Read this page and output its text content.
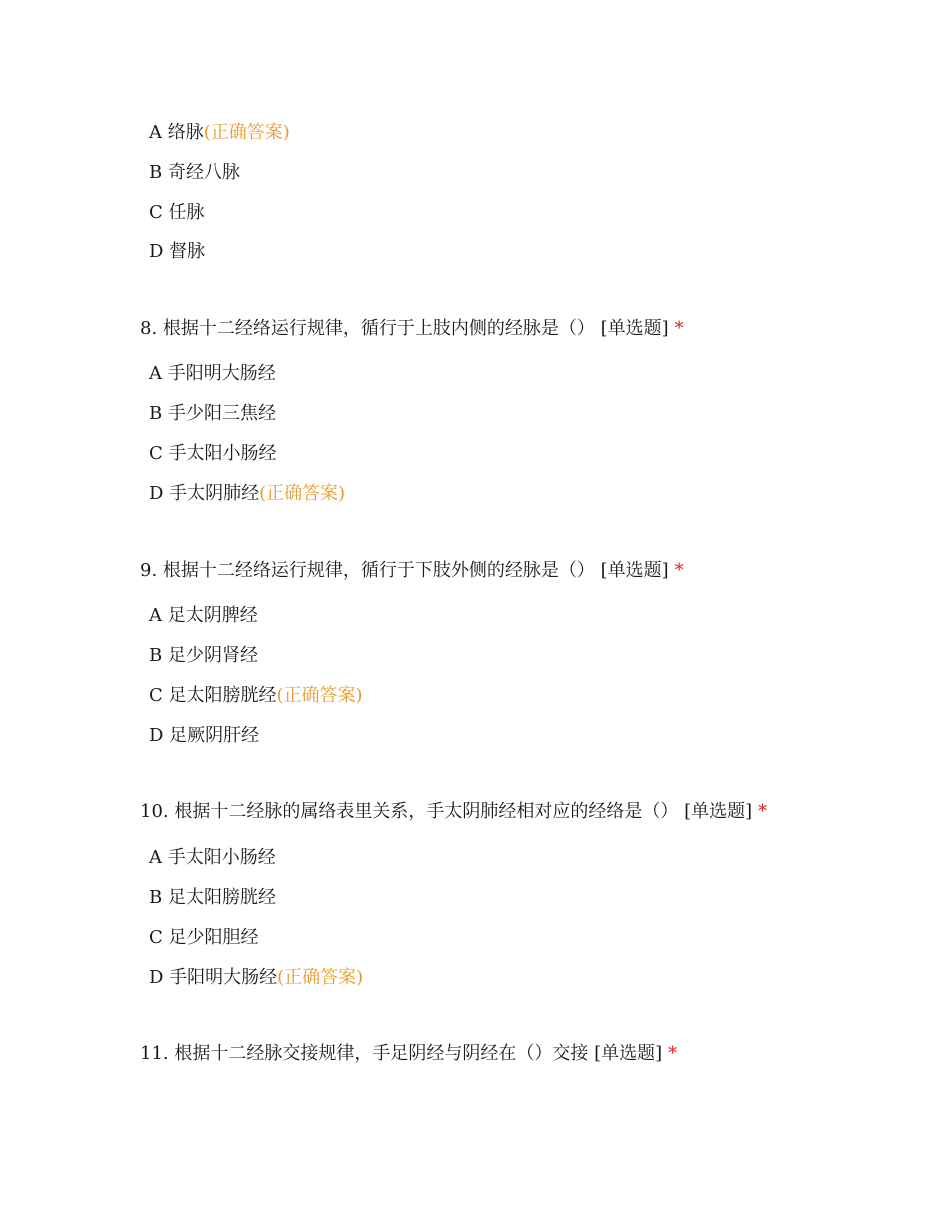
A 络脉(正确答案)
B 奇经八脉
C 任脉
D 督脉
8. 根据十二经络运行规律，循行于上肢内侧的经脉是（） [单选题] *
A 手阳明大肠经
B 手少阳三焦经
C 手太阳小肠经
D 手太阴肺经(正确答案)
9. 根据十二经络运行规律，循行于下肢外侧的经脉是（） [单选题] *
A 足太阴脾经
B 足少阴肾经
C 足太阳膀胱经(正确答案)
D 足厥阴肝经
10. 根据十二经脉的属络表里关系，手太阴肺经相对应的经络是（） [单选题] *
A 手太阳小肠经
B 足太阳膀胱经
C 足少阳胆经
D 手阳明大肠经(正确答案)
11. 根据十二经脉交接规律，手足阴经与阴经在（）交接 [单选题] *
